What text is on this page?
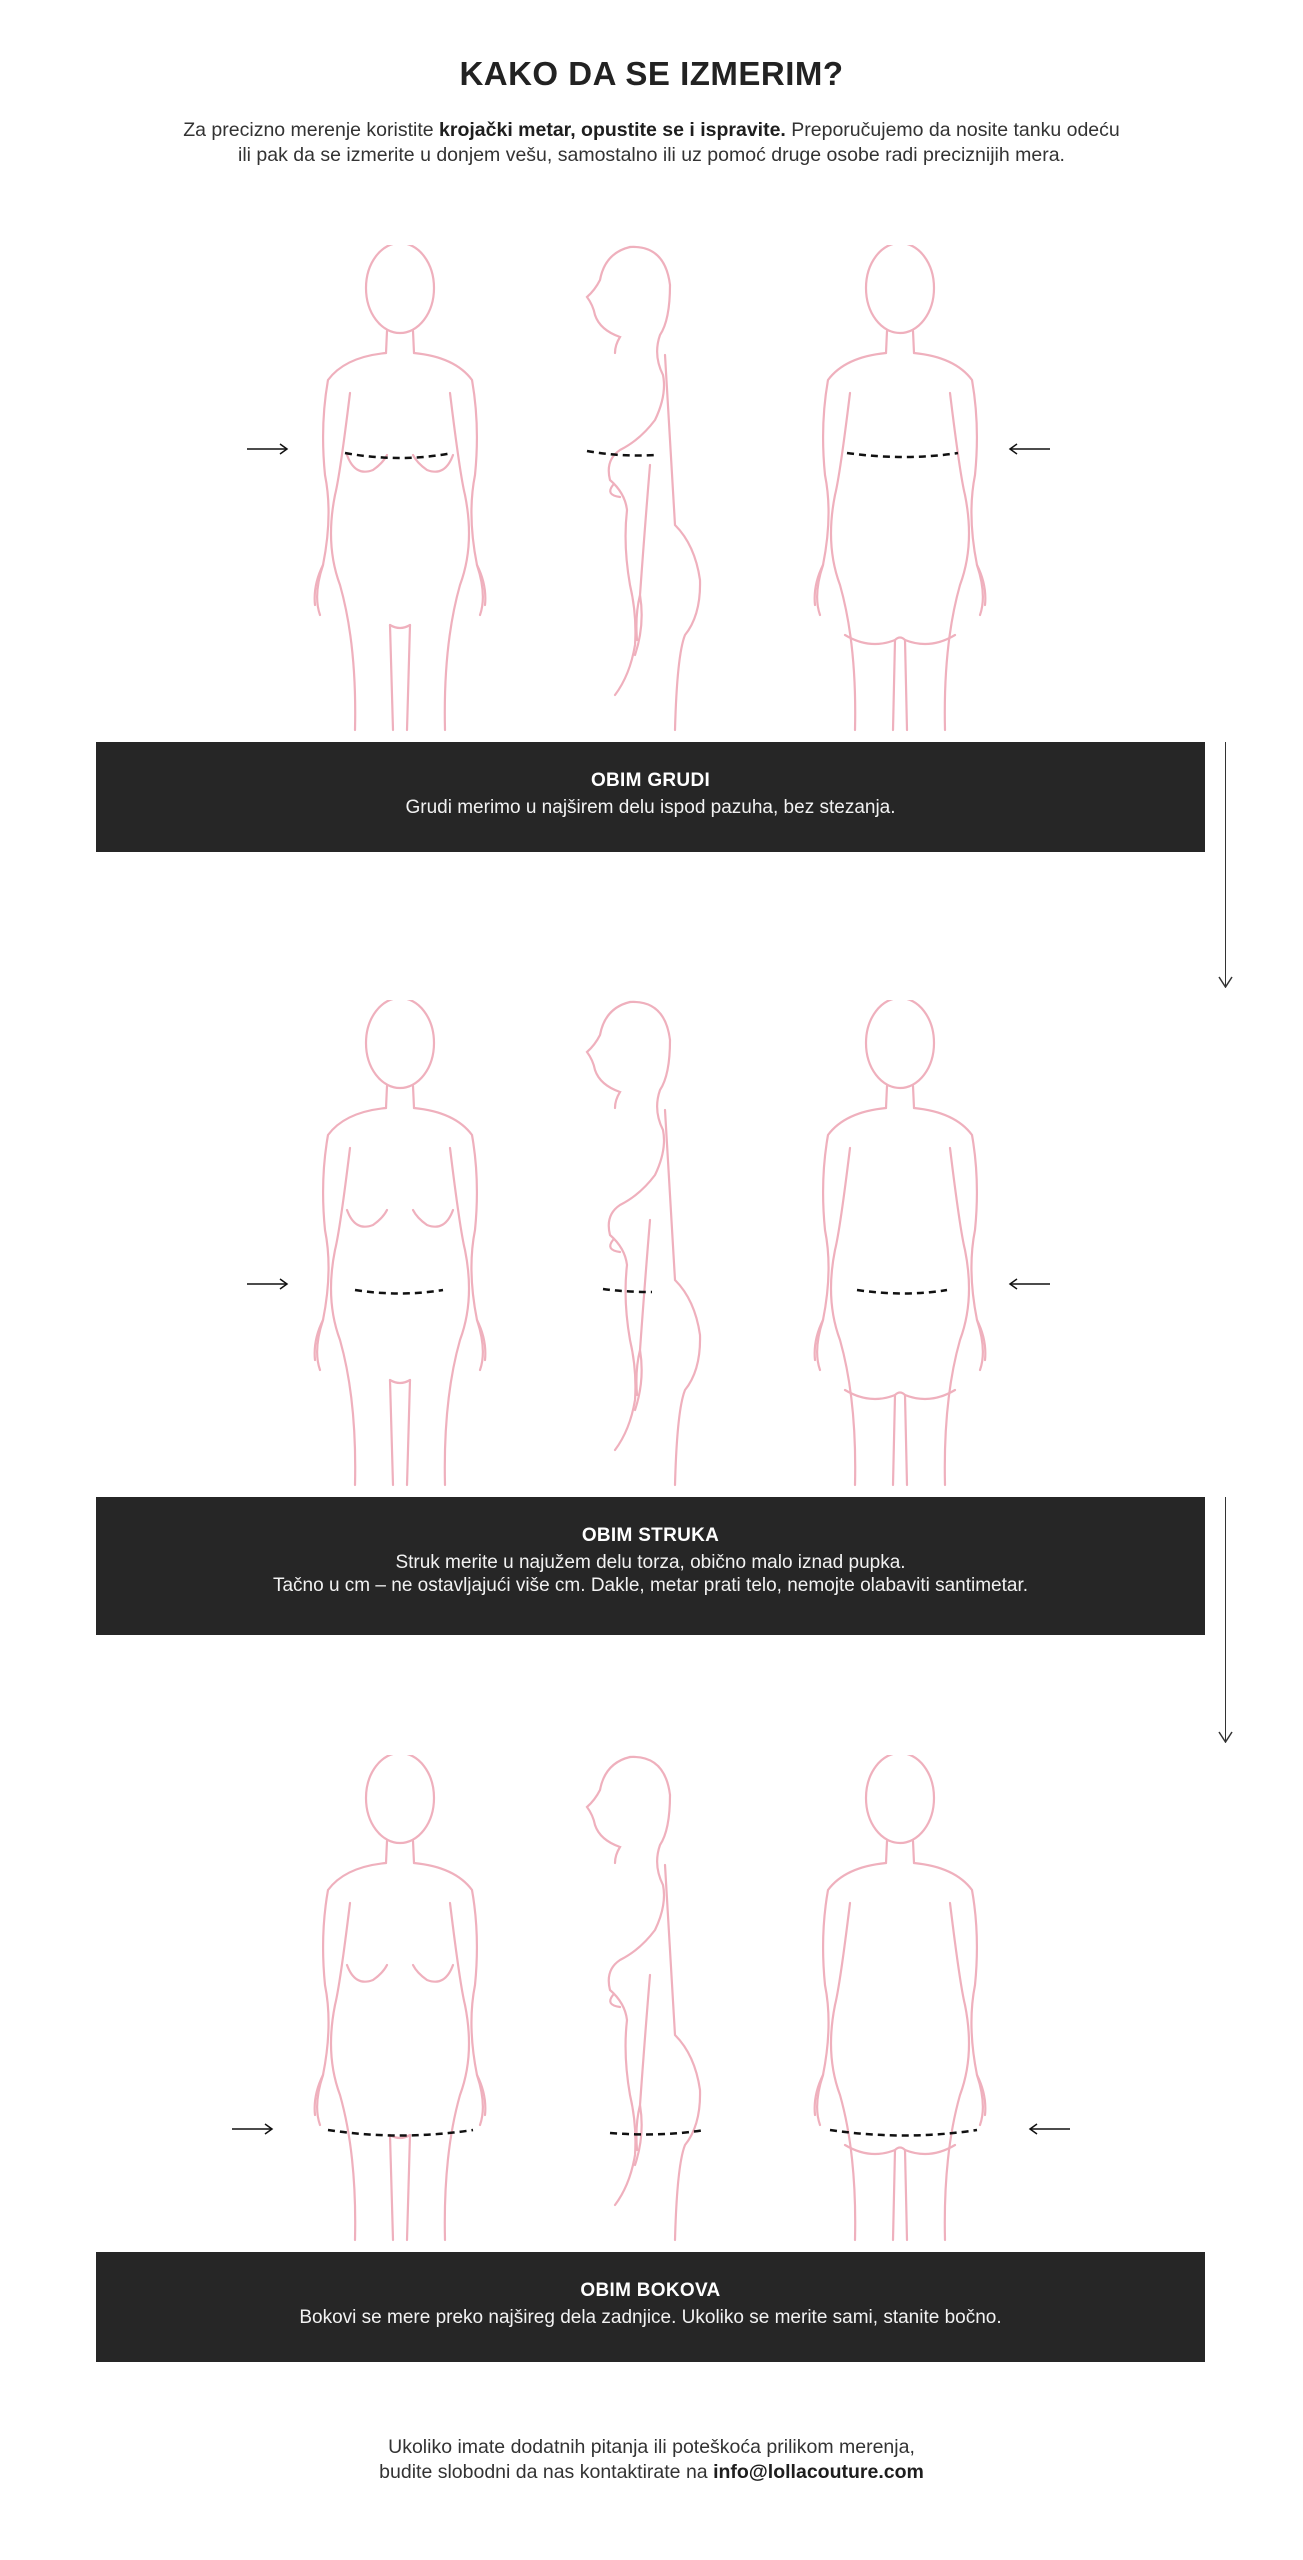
KAKO DA SE IZMERIM?
Za precizno merenje koristite krojački metar, opustite se i ispravite. Preporučujemo da nosite tanku odeću
ili pak da se izmerite u donjem vešu, samostalno ili uz pomoć druge osobe radi preciznijih mera.
OBIM GRUDI

Grudi merimo u najširem delu ispod pazuha, bez stezanja.

OBIM STRUKA

Struk merite u najužem delu torza, obično malo iznad pupka.

Tačno u cm – ne ostavljajući više cm. Dakle, metar prati telo, nemojte olabaviti santimetar.

OBIM BOKOVA

Bokovi se mere preko najšireg dela zadnjice. Ukoliko se merite sami, stanite bočno.

Ukoliko imate dodatnih pitanja ili poteškoća prilikom merenja,
budite slobodni da nas kontaktirate na info@lollacouture.com
